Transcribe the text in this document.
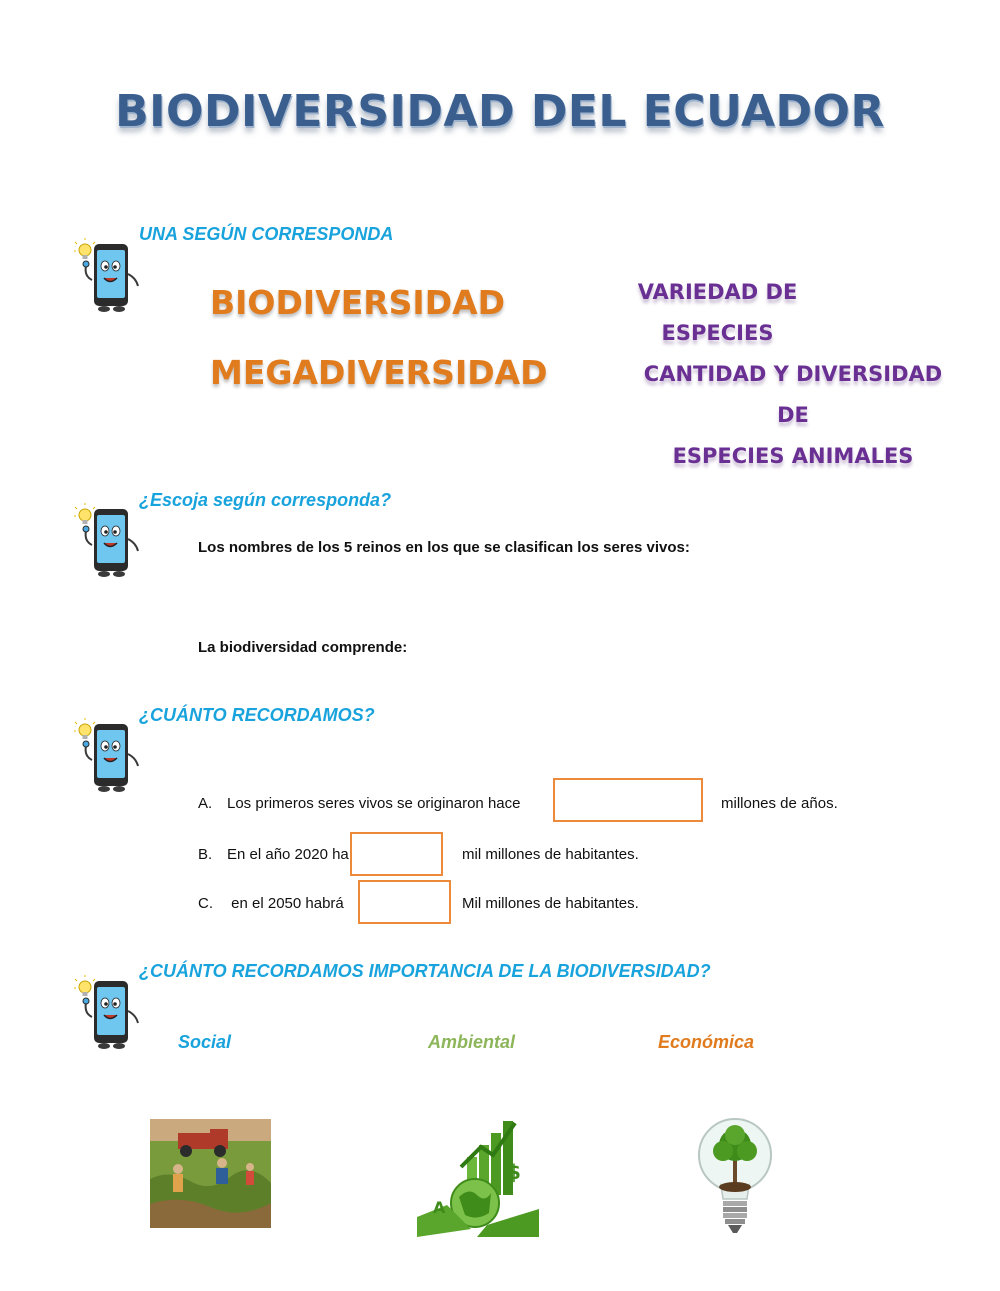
BIODIVERSIDAD DEL ECUADOR
UNA SEGÚN CORRESPONDA
BIODIVERSIDAD
MEGADIVERSIDAD
VARIEDAD DE ESPECIES
CANTIDAD Y DIVERSIDAD DE
ESPECIES ANIMALES
¿Escoja según corresponda?
Los nombres de los 5 reinos en los que se clasifican los seres vivos:
La biodiversidad comprende:
¿CUÁNTO RECORDAMOS?
A. Los primeros seres vivos se originaron hace	millones de años.
B. En el año 2020 ha	mil millones de habitantes.
C. en el 2050 habrá	Mil millones de habitantes.
¿CUÁNTO RECORDAMOS IMPORTANCIA DE LA BIODIVERSIDAD?
Social	Ambiental	Económica
A
$
